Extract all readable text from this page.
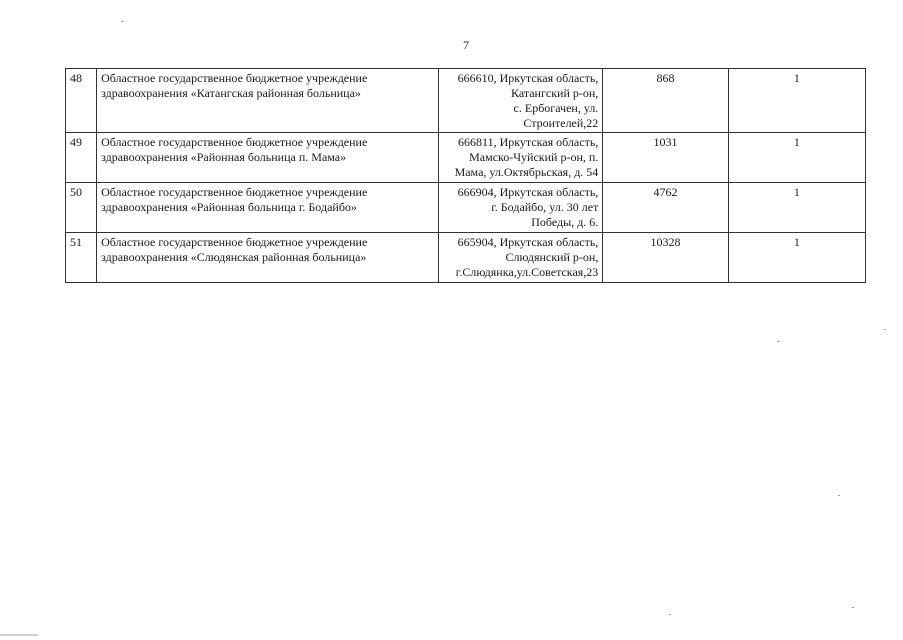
7
48	Областное государственное бюджетное учреждение
здравоохранения «Катангская районная больница»	666610, Иркутская область,
Катангский р-он,
с. Ербогачен, ул.
Строителей,22	868	1
49	Областное государственное бюджетное учреждение
здравоохранения «Районная больница п. Мама»	666811, Иркутская область,
Мамско-Чуйский р-он, п.
Мама, ул.Октябрьская, д. 54	1031	1
50	Областное государственное бюджетное учреждение
здравоохранения «Районная больница г. Бодайбо»	666904, Иркутская область,
г. Бодайбо, ул. 30 лет
Победы, д. 6.	4762	1
51	Областное государственное бюджетное учреждение
здравоохранения «Слюдянская районная больница»	665904, Иркутская область,
Слюдянский р-он,
г.Слюдянка,ул.Советская,23	10328	1
